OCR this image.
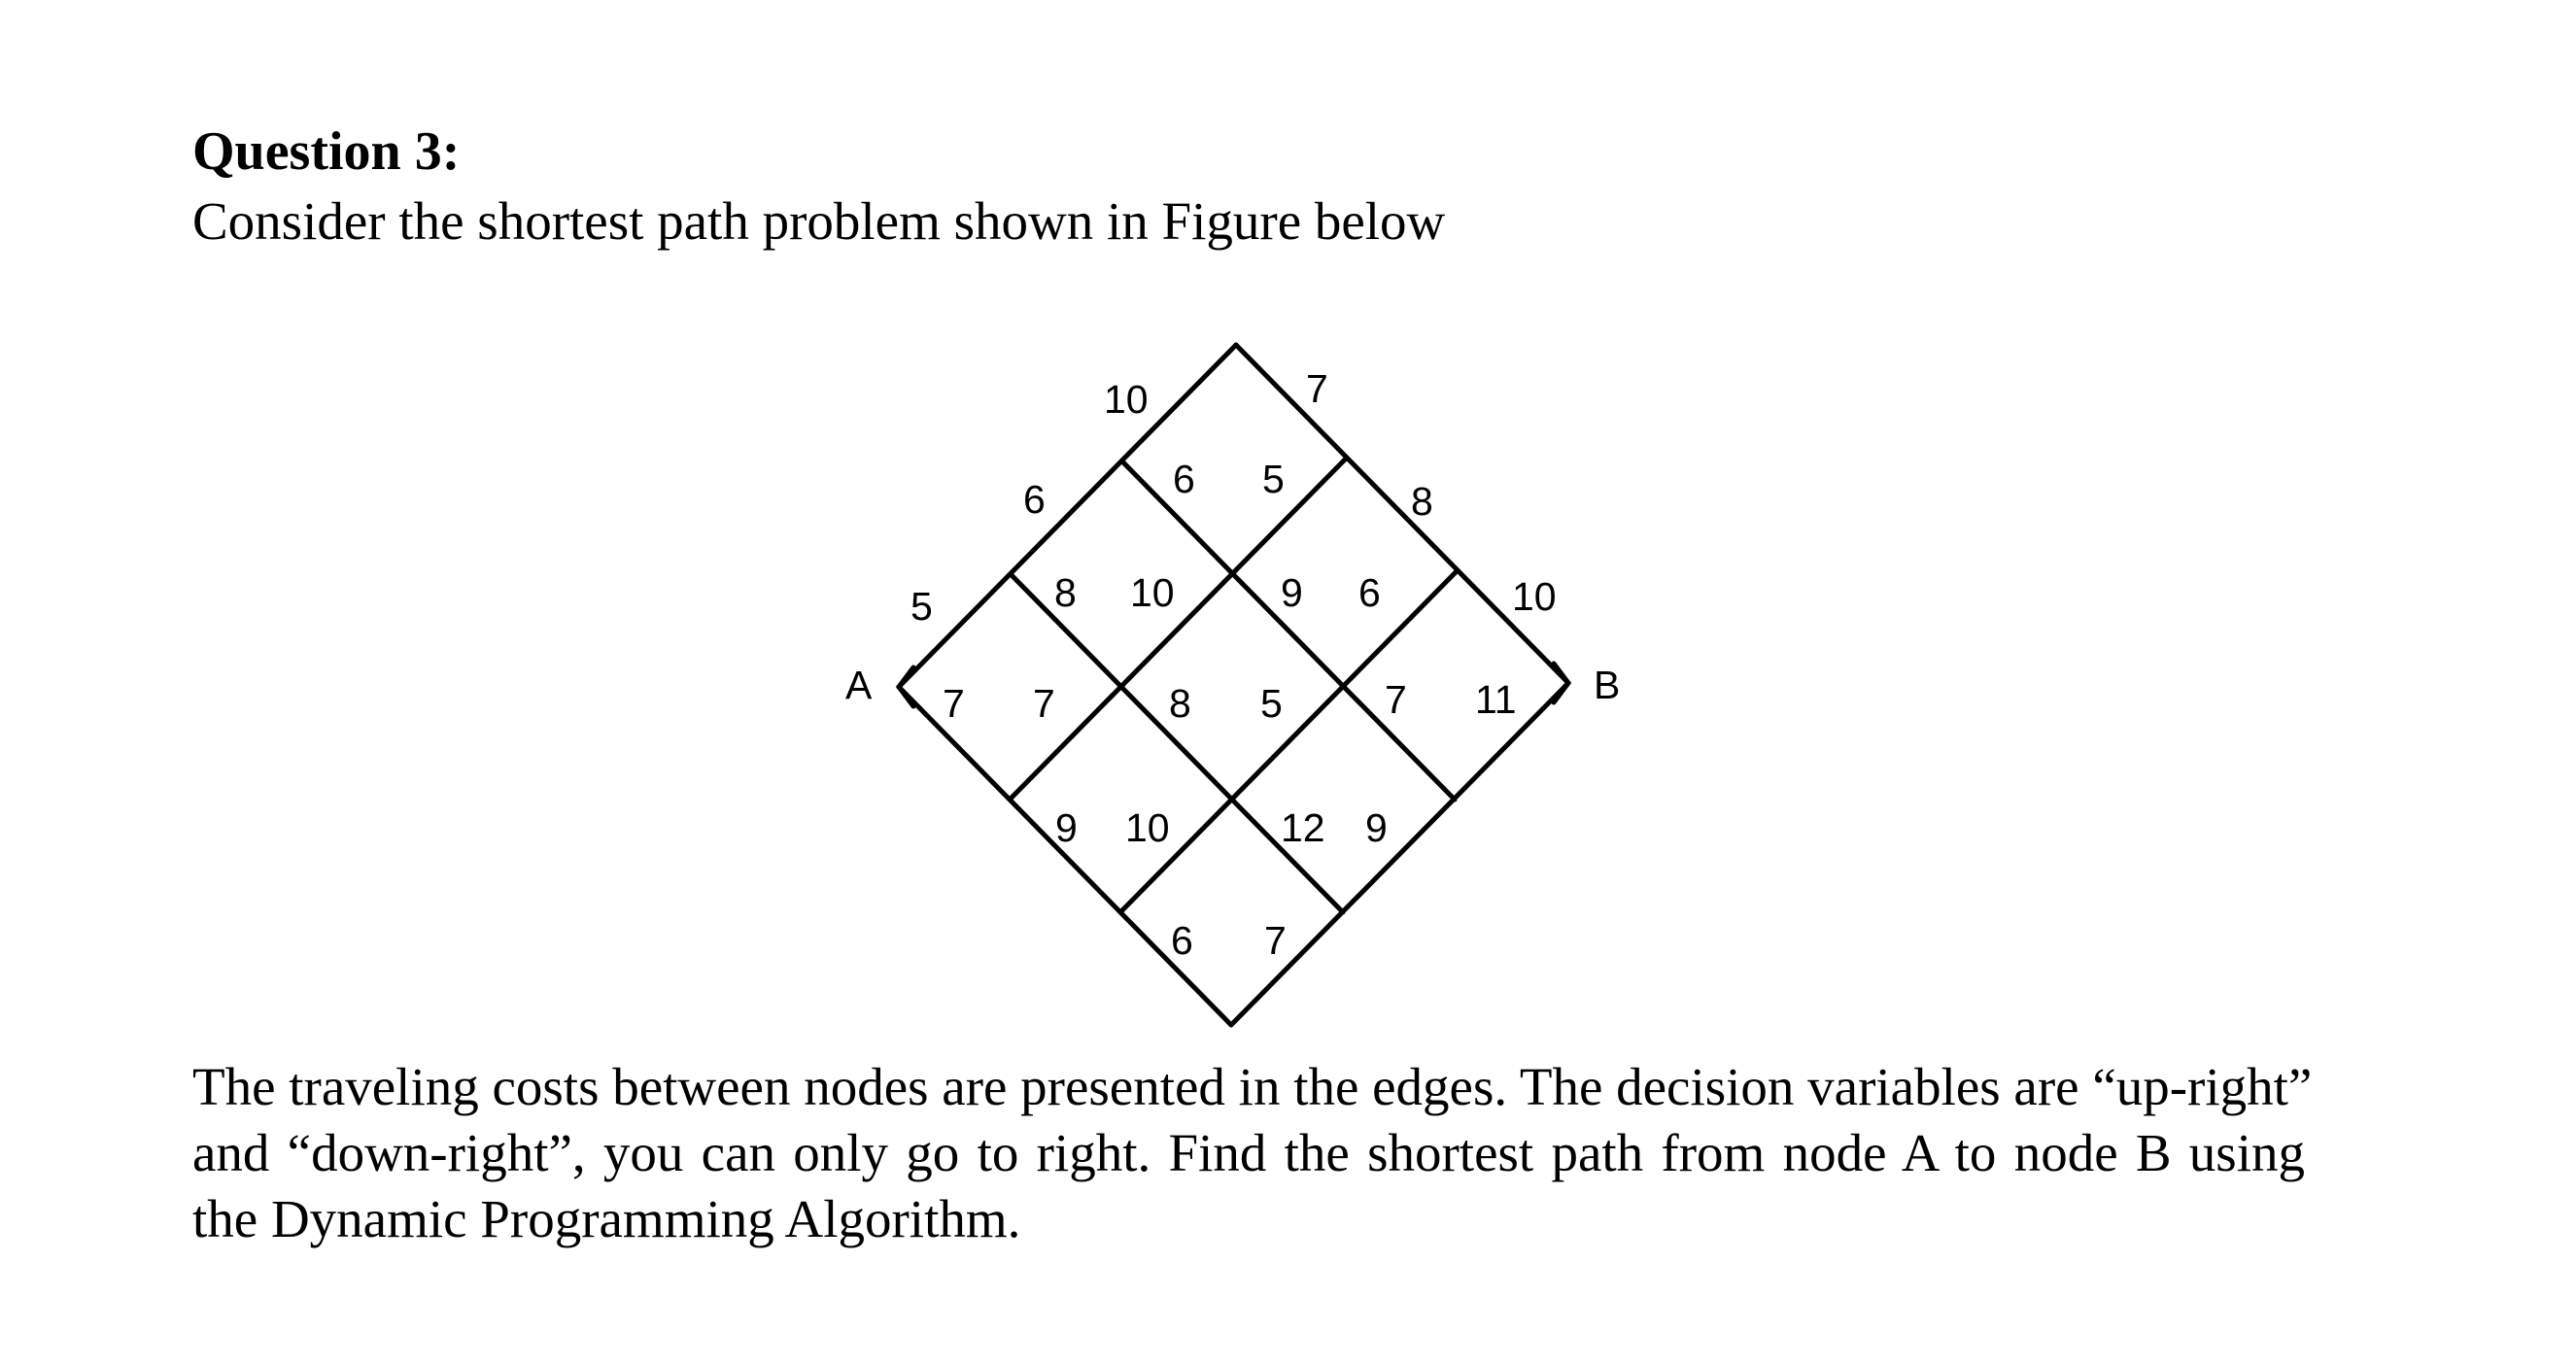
Question 3:

Consider the shortest path problem shown in Figure below

A	B
10	7
6	6 5	8
5	8 10	9 6	10
7 7	8 5	7 11
9 10	12 9
6 7
The traveling costs between nodes are presented in the edges. The decision variables are “up-right”
and “down-right”, you can only go to right. Find the shortest path from node A to node B using
the Dynamic Programming Algorithm.
